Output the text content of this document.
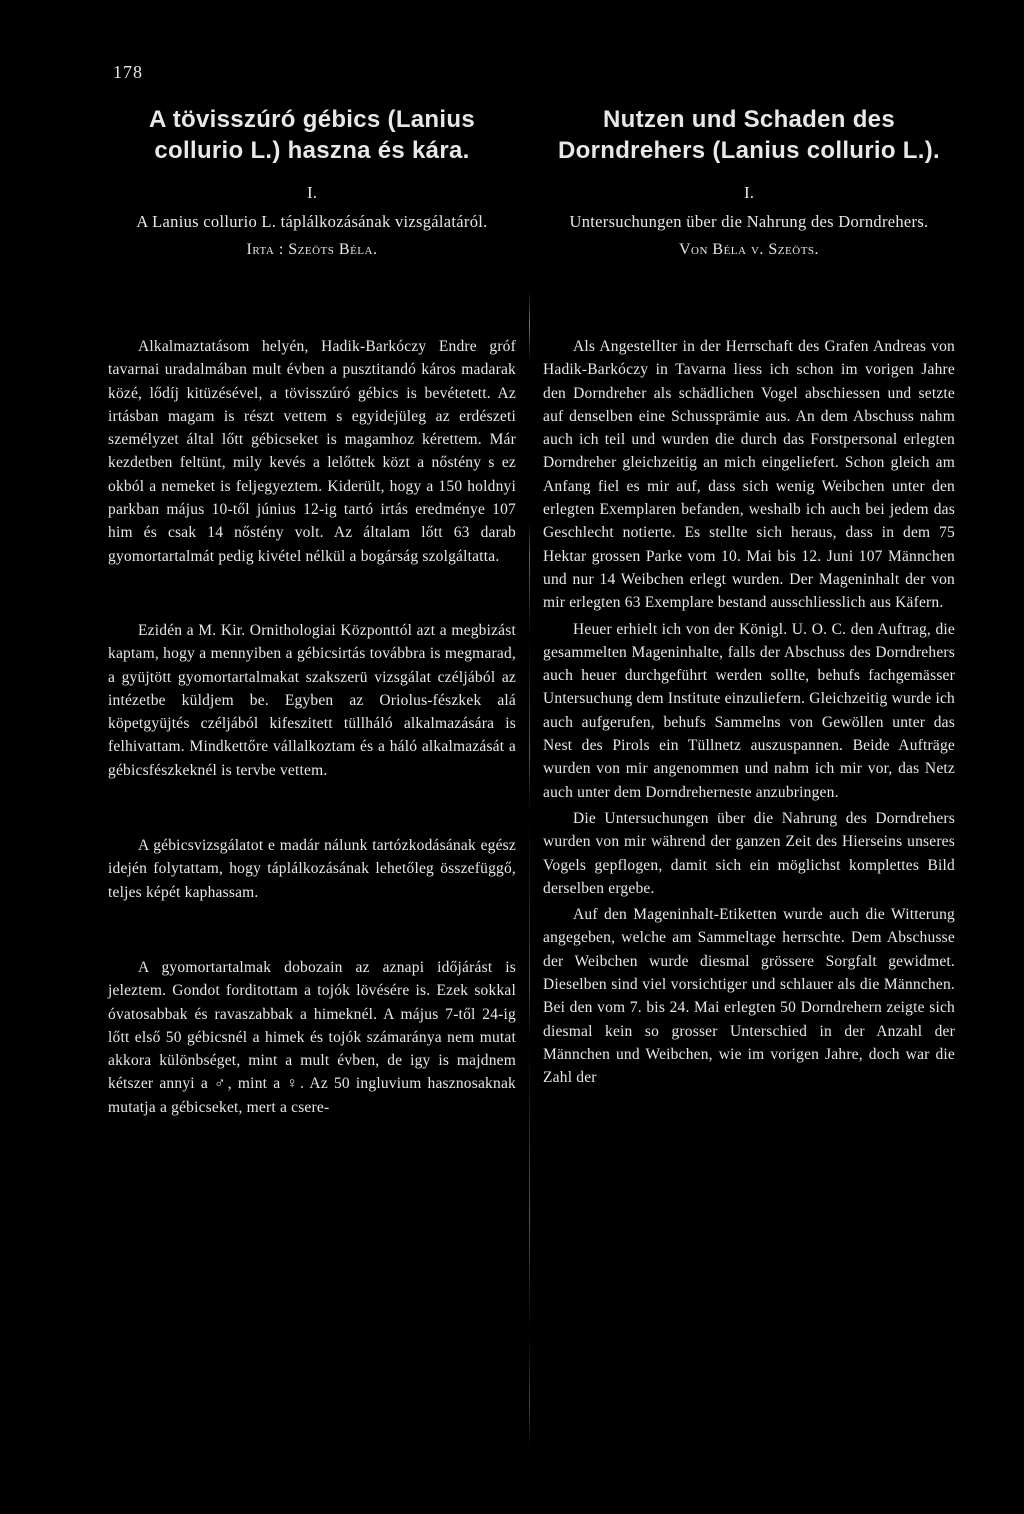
178
A tövisszúró gébics (Lanius collurio L.) haszna és kára.
I.
A Lanius collurio L. táplálkozásának vizsgálatáról.
Irta : Szeöts Béla.
Nutzen und Schaden des Dorndrehers (Lanius collurio L.).
I.
Untersuchungen über die Nahrung des Dorndrehers.
Von Béla v. Szeöts.

Alkalmaztatásom helyén, Hadik-Barkóczy Endre gróf tavarnai uradalmában mult évben a pusztitandó káros madarak közé, lődíj kitüzésével, a tövisszúró gébics is bevétetett. Az irtásban magam is részt vettem s egyidejüleg az erdészeti személyzet által lőtt gébicseket is magamhoz kérettem. Már kezdetben feltünt, mily kevés a lelőttek közt a nőstény s ez okból a nemeket is feljegyeztem. Kiderült, hogy a 150 holdnyi parkban május 10-től június 12-ig tartó irtás eredménye 107 him és csak 14 nőstény volt. Az általam lőtt 63 darab gyomortartalmát pedig kivétel nélkül a bogárság szolgáltatta.

Ezidén a M. Kir. Ornithologiai Központtól azt a megbizást kaptam, hogy a mennyiben a gébicsirtás továbbra is megmarad, a gyüjtött gyomortartalmakat szakszerü vizsgálat czéljából az intézetbe küldjem be. Egyben az Oriolus-fészkek alá köpetgyüjtés czéljából kifeszitett tüllháló alkalmazására is felhivattam. Mindkettőre vállalkoztam és a háló alkalmazását a gébicsfészkeknél is tervbe vettem.

A gébicsvizsgálatot e madár nálunk tartózkodásának egész idején folytattam, hogy táplálkozásának lehetőleg összefüggő, teljes képét kaphassam.

A gyomortartalmak dobozain az aznapi időjárást is jeleztem. Gondot forditottam a tojók lövésére is. Ezek sokkal óvatosabbak és ravaszabbak a himeknél. A május 7-től 24-ig lőtt első 50 gébicsnél a himek és tojók számaránya nem mutat akkora különbséget, mint a mult évben, de igy is majdnem kétszer annyi a ♂, mint a ♀. Az 50 ingluvium hasznosaknak mutatja a gébicseket, mert a csere-

Als Angestellter in der Herrschaft des Grafen Andreas von Hadik-Barkóczy in Tavarna liess ich schon im vorigen Jahre den Dorndreher als schädlichen Vogel abschiessen und setzte auf denselben eine Schussprämie aus. An dem Abschuss nahm auch ich teil und wurden die durch das Forstpersonal erlegten Dorndreher gleichzeitig an mich eingeliefert. Schon gleich am Anfang fiel es mir auf, dass sich wenig Weibchen unter den erlegten Exemplaren befanden, weshalb ich auch bei jedem das Geschlecht notierte. Es stellte sich heraus, dass in dem 75 Hektar grossen Parke vom 10. Mai bis 12. Juni 107 Männchen und nur 14 Weibchen erlegt wurden. Der Mageninhalt der von mir erlegten 63 Exemplare bestand ausschliesslich aus Käfern.

Heuer erhielt ich von der Königl. U. O. C. den Auftrag, die gesammelten Mageninhalte, falls der Abschuss des Dorndrehers auch heuer durchgeführt werden sollte, behufs fachgemässer Untersuchung dem Institute einzuliefern. Gleichzeitig wurde ich auch aufgerufen, behufs Sammelns von Gewöllen unter das Nest des Pirols ein Tüllnetz auszuspannen. Beide Aufträge wurden von mir angenommen und nahm ich mir vor, das Netz auch unter dem Dorndreherneste anzubringen.

Die Untersuchungen über die Nahrung des Dorndrehers wurden von mir während der ganzen Zeit des Hierseins unseres Vogels gepflogen, damit sich ein möglichst komplettes Bild derselben ergebe.

Auf den Mageninhalt-Etiketten wurde auch die Witterung angegeben, welche am Sammeltage herrschte. Dem Abschusse der Weibchen wurde diesmal grössere Sorgfalt gewidmet. Dieselben sind viel vorsichtiger und schlauer als die Männchen. Bei den vom 7. bis 24. Mai erlegten 50 Dorndrehern zeigte sich diesmal kein so grosser Unterschied in der Anzahl der Männchen und Weibchen, wie im vorigen Jahre, doch war die Zahl der
